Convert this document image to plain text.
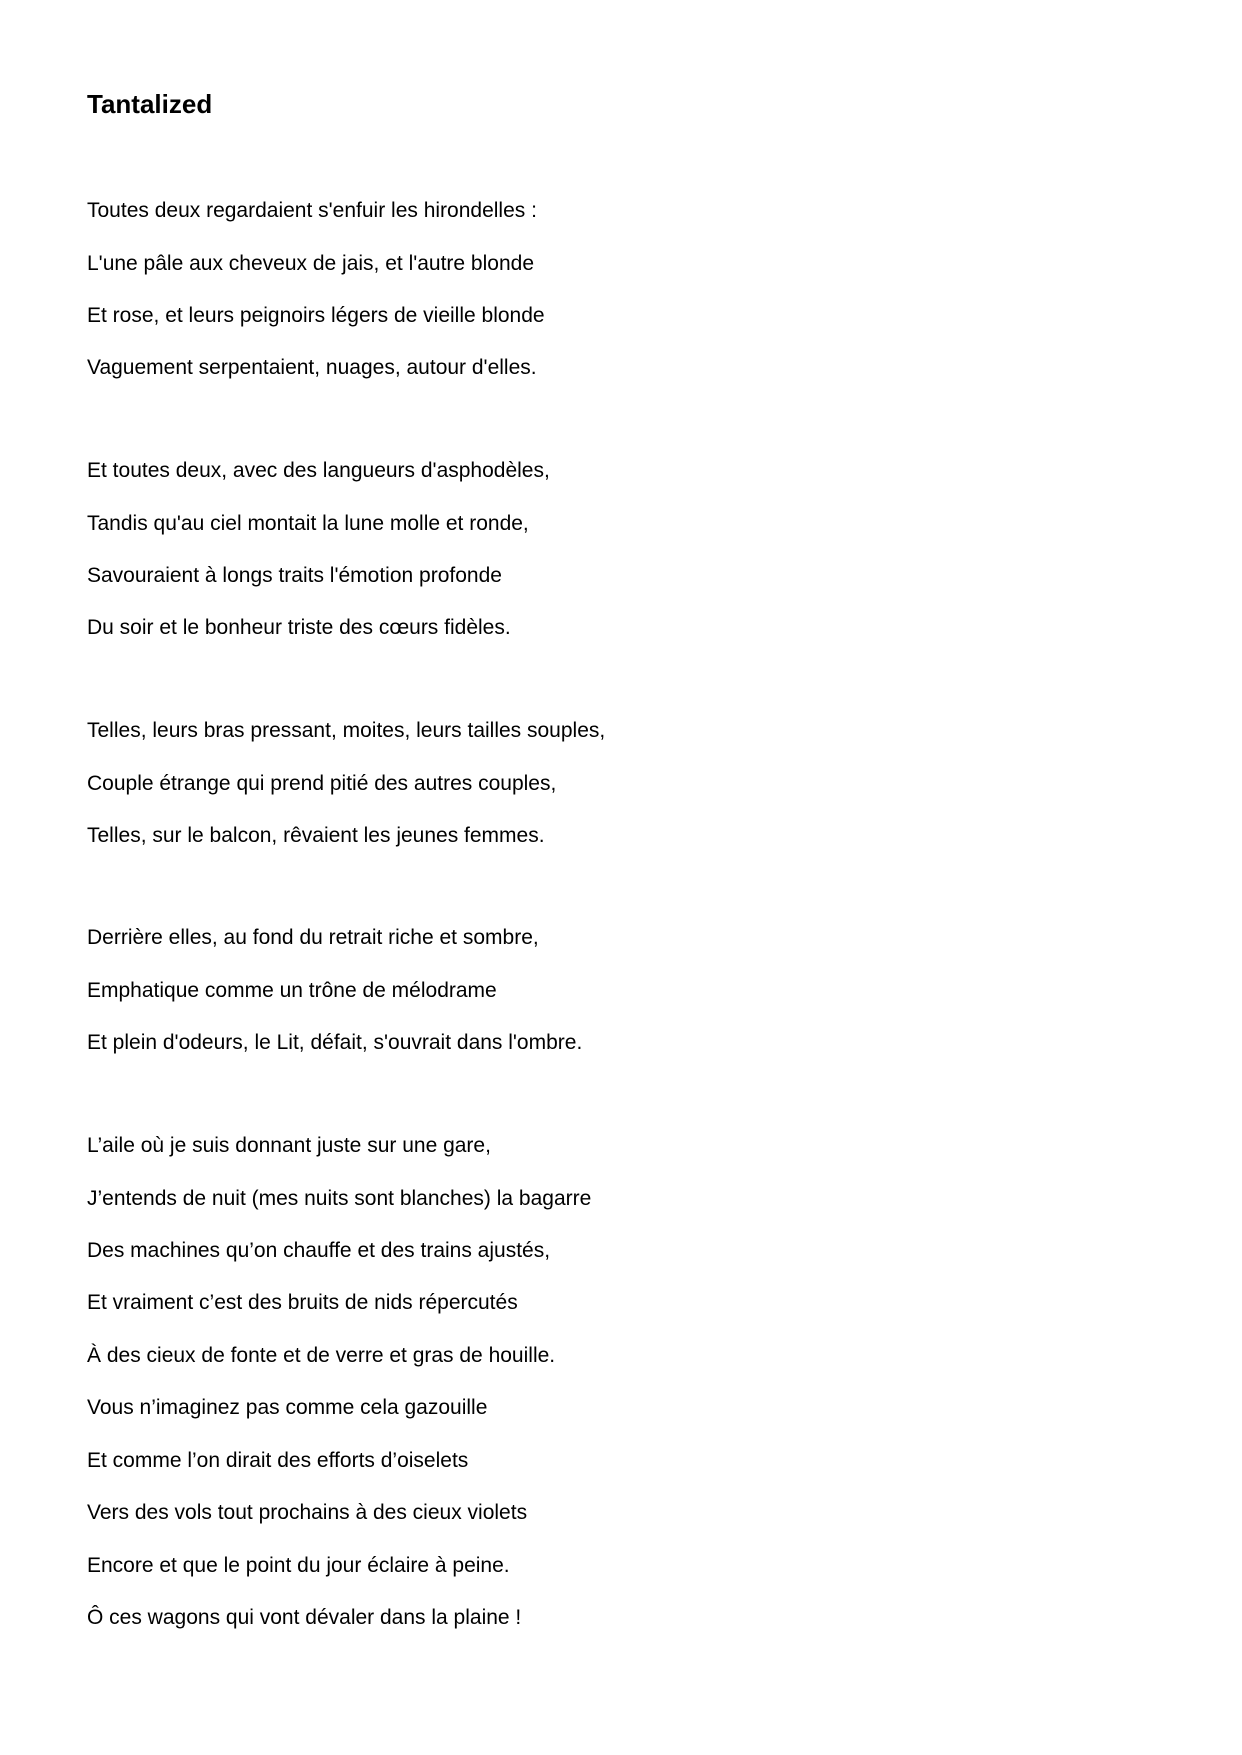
Tantalized

Toutes deux regardaient s'enfuir les hirondelles :

L'une pâle aux cheveux de jais, et l'autre blonde

Et rose, et leurs peignoirs légers de vieille blonde

Vaguement serpentaient, nuages, autour d'elles.

Et toutes deux, avec des langueurs d'asphodèles,

Tandis qu'au ciel montait la lune molle et ronde,

Savouraient à longs traits l'émotion profonde

Du soir et le bonheur triste des cœurs fidèles.

Telles, leurs bras pressant, moites, leurs tailles souples,

Couple étrange qui prend pitié des autres couples,

Telles, sur le balcon, rêvaient les jeunes femmes.

Derrière elles, au fond du retrait riche et sombre,

Emphatique comme un trône de mélodrame

Et plein d'odeurs, le Lit, défait, s'ouvrait dans l'ombre.

L’aile où je suis donnant juste sur une gare,

J’entends de nuit (mes nuits sont blanches) la bagarre

Des machines qu’on chauffe et des trains ajustés,

Et vraiment c’est des bruits de nids répercutés

À des cieux de fonte et de verre et gras de houille.

Vous n’imaginez pas comme cela gazouille

Et comme l’on dirait des efforts d’oiselets

Vers des vols tout prochains à des cieux violets

Encore et que le point du jour éclaire à peine.

Ô ces wagons qui vont dévaler dans la plaine !
